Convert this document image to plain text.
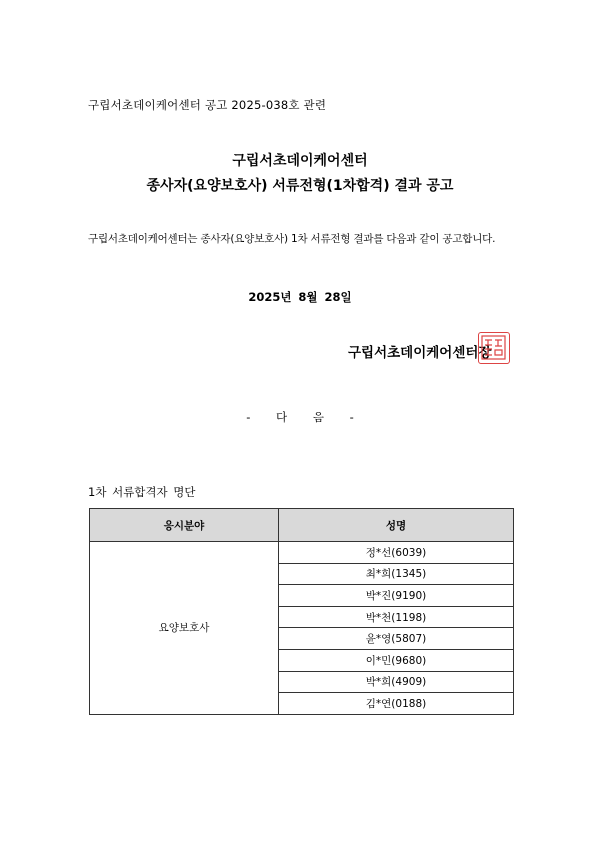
구립서초데이케어센터 공고 2025-038호 관련
구립서초데이케어센터
종사자(요양보호사) 서류전형(1차합격) 결과 공고
구립서초데이케어센터는 종사자(요양보호사) 1차 서류전형 결과를 다음과 같이 공고합니다.
2025년 8월 28일
구립서초데이케어센터장
- 다 음 -
1차 서류합격자 명단
응시분야	성명
요양보호사	정*선(6039)
	최*희(1345)
	박*진(9190)
	박*천(1198)
	윤*영(5807)
	이*민(9680)
	박*희(4909)
	김*연(0188)
